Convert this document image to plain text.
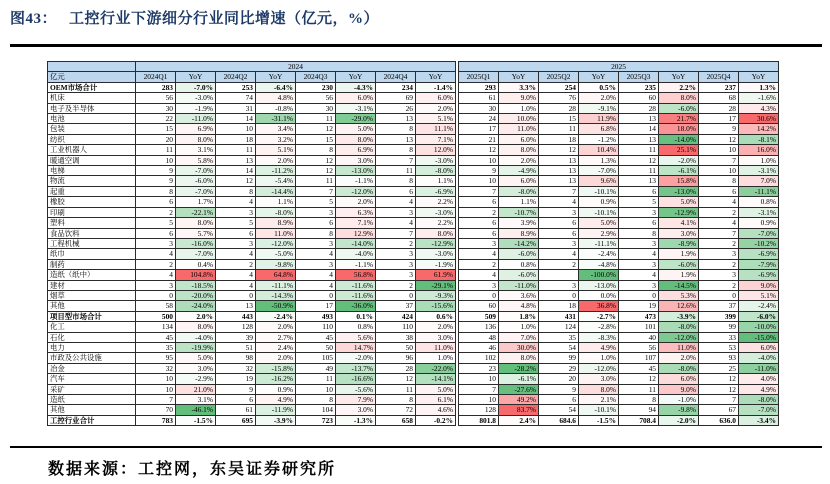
图43： 工控行业下游细分行业同比增速（亿元，%）
	2024									2025							
亿元	2024Q1	YoY	2024Q2	YoY	2024Q3	YoY	2024Q4	YoY		2025Q1	YoY	2025Q2	YoY	2025Q3	YoY	2025Q4	YoY
OEM市场合计	283	-7.0%	253	-6.4%	230	-4.3%	234	-1.4%		293	3.3%	254	0.5%	235	2.2%	237	1.3%
机床	56	-3.0%	74	4.8%	56	6.0%	69	6.0%		61	9.0%	76	2.0%	60	8.0%	68	-1.6%
电子及半导体	30	-1.9%	31	-0.8%	30	-3.1%	26	2.0%		30	1.0%	28	-9.1%	28	-6.0%	28	4.3%
电池	22	-11.0%	14	-31.1%	11	-29.0%	13	5.1%		24	10.0%	15	11.9%	13	21.7%	17	30.6%
包装	15	6.9%	10	3.4%	12	5.0%	8	11.1%		17	11.0%	11	6.8%	14	18.0%	9	14.2%
纺织	20	8.0%	18	3.2%	15	8.0%	13	7.1%		21	6.0%	18	-1.2%	13	-14.0%	12	-8.1%
工业机器人	11	3.1%	11	5.1%	8	6.9%	8	12.0%		12	8.0%	12	10.4%	11	25.1%	10	16.0%
暖通空调	10	5.8%	13	2.0%	12	3.0%	7	-3.0%		10	2.0%	13	1.3%	12	-2.0%	7	1.0%
电梯	9	-7.0%	14	-11.2%	12	-13.0%	11	-8.0%		9	-4.9%	13	-7.0%	11	-6.1%	10	-3.1%
物流	9	-6.0%	12	-5.4%	11	-1.1%	8	1.1%		10	6.0%	13	9.6%	13	15.8%	8	7.0%
起重	8	-7.0%	8	-14.4%	7	-12.0%	6	-6.9%		7	-8.0%	7	-10.1%	6	-13.0%	6	-11.1%
橡胶	6	1.7%	4	1.1%	5	2.0%	4	2.2%		6	1.1%	4	0.9%	5	5.0%	4	0.8%
印刷	2	-22.1%	3	-8.0%	3	6.3%	3	-3.0%		2	-10.7%	3	-10.1%	3	-12.9%	2	-3.1%
塑料	5	8.0%	5	8.9%	6	7.1%	4	2.2%		6	3.9%	6	5.0%	6	4.1%	4	0.9%
食品饮料	6	5.7%	6	11.0%	8	12.9%	7	8.0%		6	8.9%	6	2.9%	8	3.0%	7	-7.0%
工程机械	3	-16.0%	3	-12.0%	3	-14.0%	2	-12.9%		3	-14.2%	3	-11.1%	3	-8.9%	2	-10.2%
纸巾	4	-7.0%	4	-5.0%	4	-4.0%	3	-3.0%		4	-6.0%	4	-2.4%	4	1.9%	3	-6.9%
制药	2	0.4%	2	-9.8%	3	-1.1%	3	-1.9%		2	0.8%	2	-4.8%	3	-6.0%	2	-7.9%
造纸（纸中）	4	104.8%	4	64.8%	4	56.8%	3	61.9%		4	-6.0%		-100.0%	4	1.9%	3	-6.9%
建材	3	-18.5%	4	-11.1%	4	-11.6%	2	-29.1%		3	-11.0%	3	-13.0%	3	-14.5%	2	9.0%
烟草	0	-20.0%	0	-14.3%	0	-11.6%	0	-9.3%		0	3.6%	0	0.0%	0	5.3%	0	5.1%
其他	58	-24.0%	13	-50.9%	17	-36.0%	37	-15.6%		60	4.8%	18	36.8%	19	12.6%	37	-2.4%
项目型市场合计	500	2.0%	443	-2.4%	493	0.1%	424	0.6%		509	1.8%	431	-2.7%	473	-3.9%	399	-6.0%
化工	134	8.0%	128	2.0%	110	0.8%	110	2.0%		136	1.0%	124	-2.8%	101	-8.0%	99	-10.0%
石化	45	-4.0%	39	2.7%	45	5.6%	38	3.0%		48	7.0%	35	-8.3%	40	-12.0%	33	-15.0%
电力	35	-19.9%	51	2.4%	50	14.7%	50	11.0%		46	30.0%	54	4.9%	56	11.0%	53	6.0%
市政及公共设施	95	5.0%	98	2.0%	105	-2.0%	96	1.0%		102	8.0%	99	1.0%	107	2.0%	93	-4.0%
冶金	32	3.0%	32	-15.8%	49	-13.7%	28	-22.0%		23	-28.2%	29	-12.0%	45	-8.0%	25	-11.0%
汽车	10	-2.9%	19	-16.2%	11	-16.6%	12	-14.1%		10	-6.1%	20	3.0%	12	6.0%	12	4.0%
采矿	10	21.0%	9	0.9%	10	-5.6%	11	5.0%		7	-27.6%	9	8.0%	11	9.0%	12	4.9%
造纸	7	3.1%	6	4.9%	8	7.9%	8	6.1%		10	49.2%	6	2.1%	8	-1.0%	7	-8.0%
其他	70	-46.1%	61	-11.9%	104	3.0%	72	4.6%		128	83.7%	54	-10.1%	94	-9.8%	67	-7.0%
工控行业合计	783	-1.5%	695	-3.9%	723	-1.3%	658	-0.2%		801.8	2.4%	684.6	-1.5%	708.4	-2.0%	636.0	-3.4%
数据来源：工控网，东吴证券研究所
